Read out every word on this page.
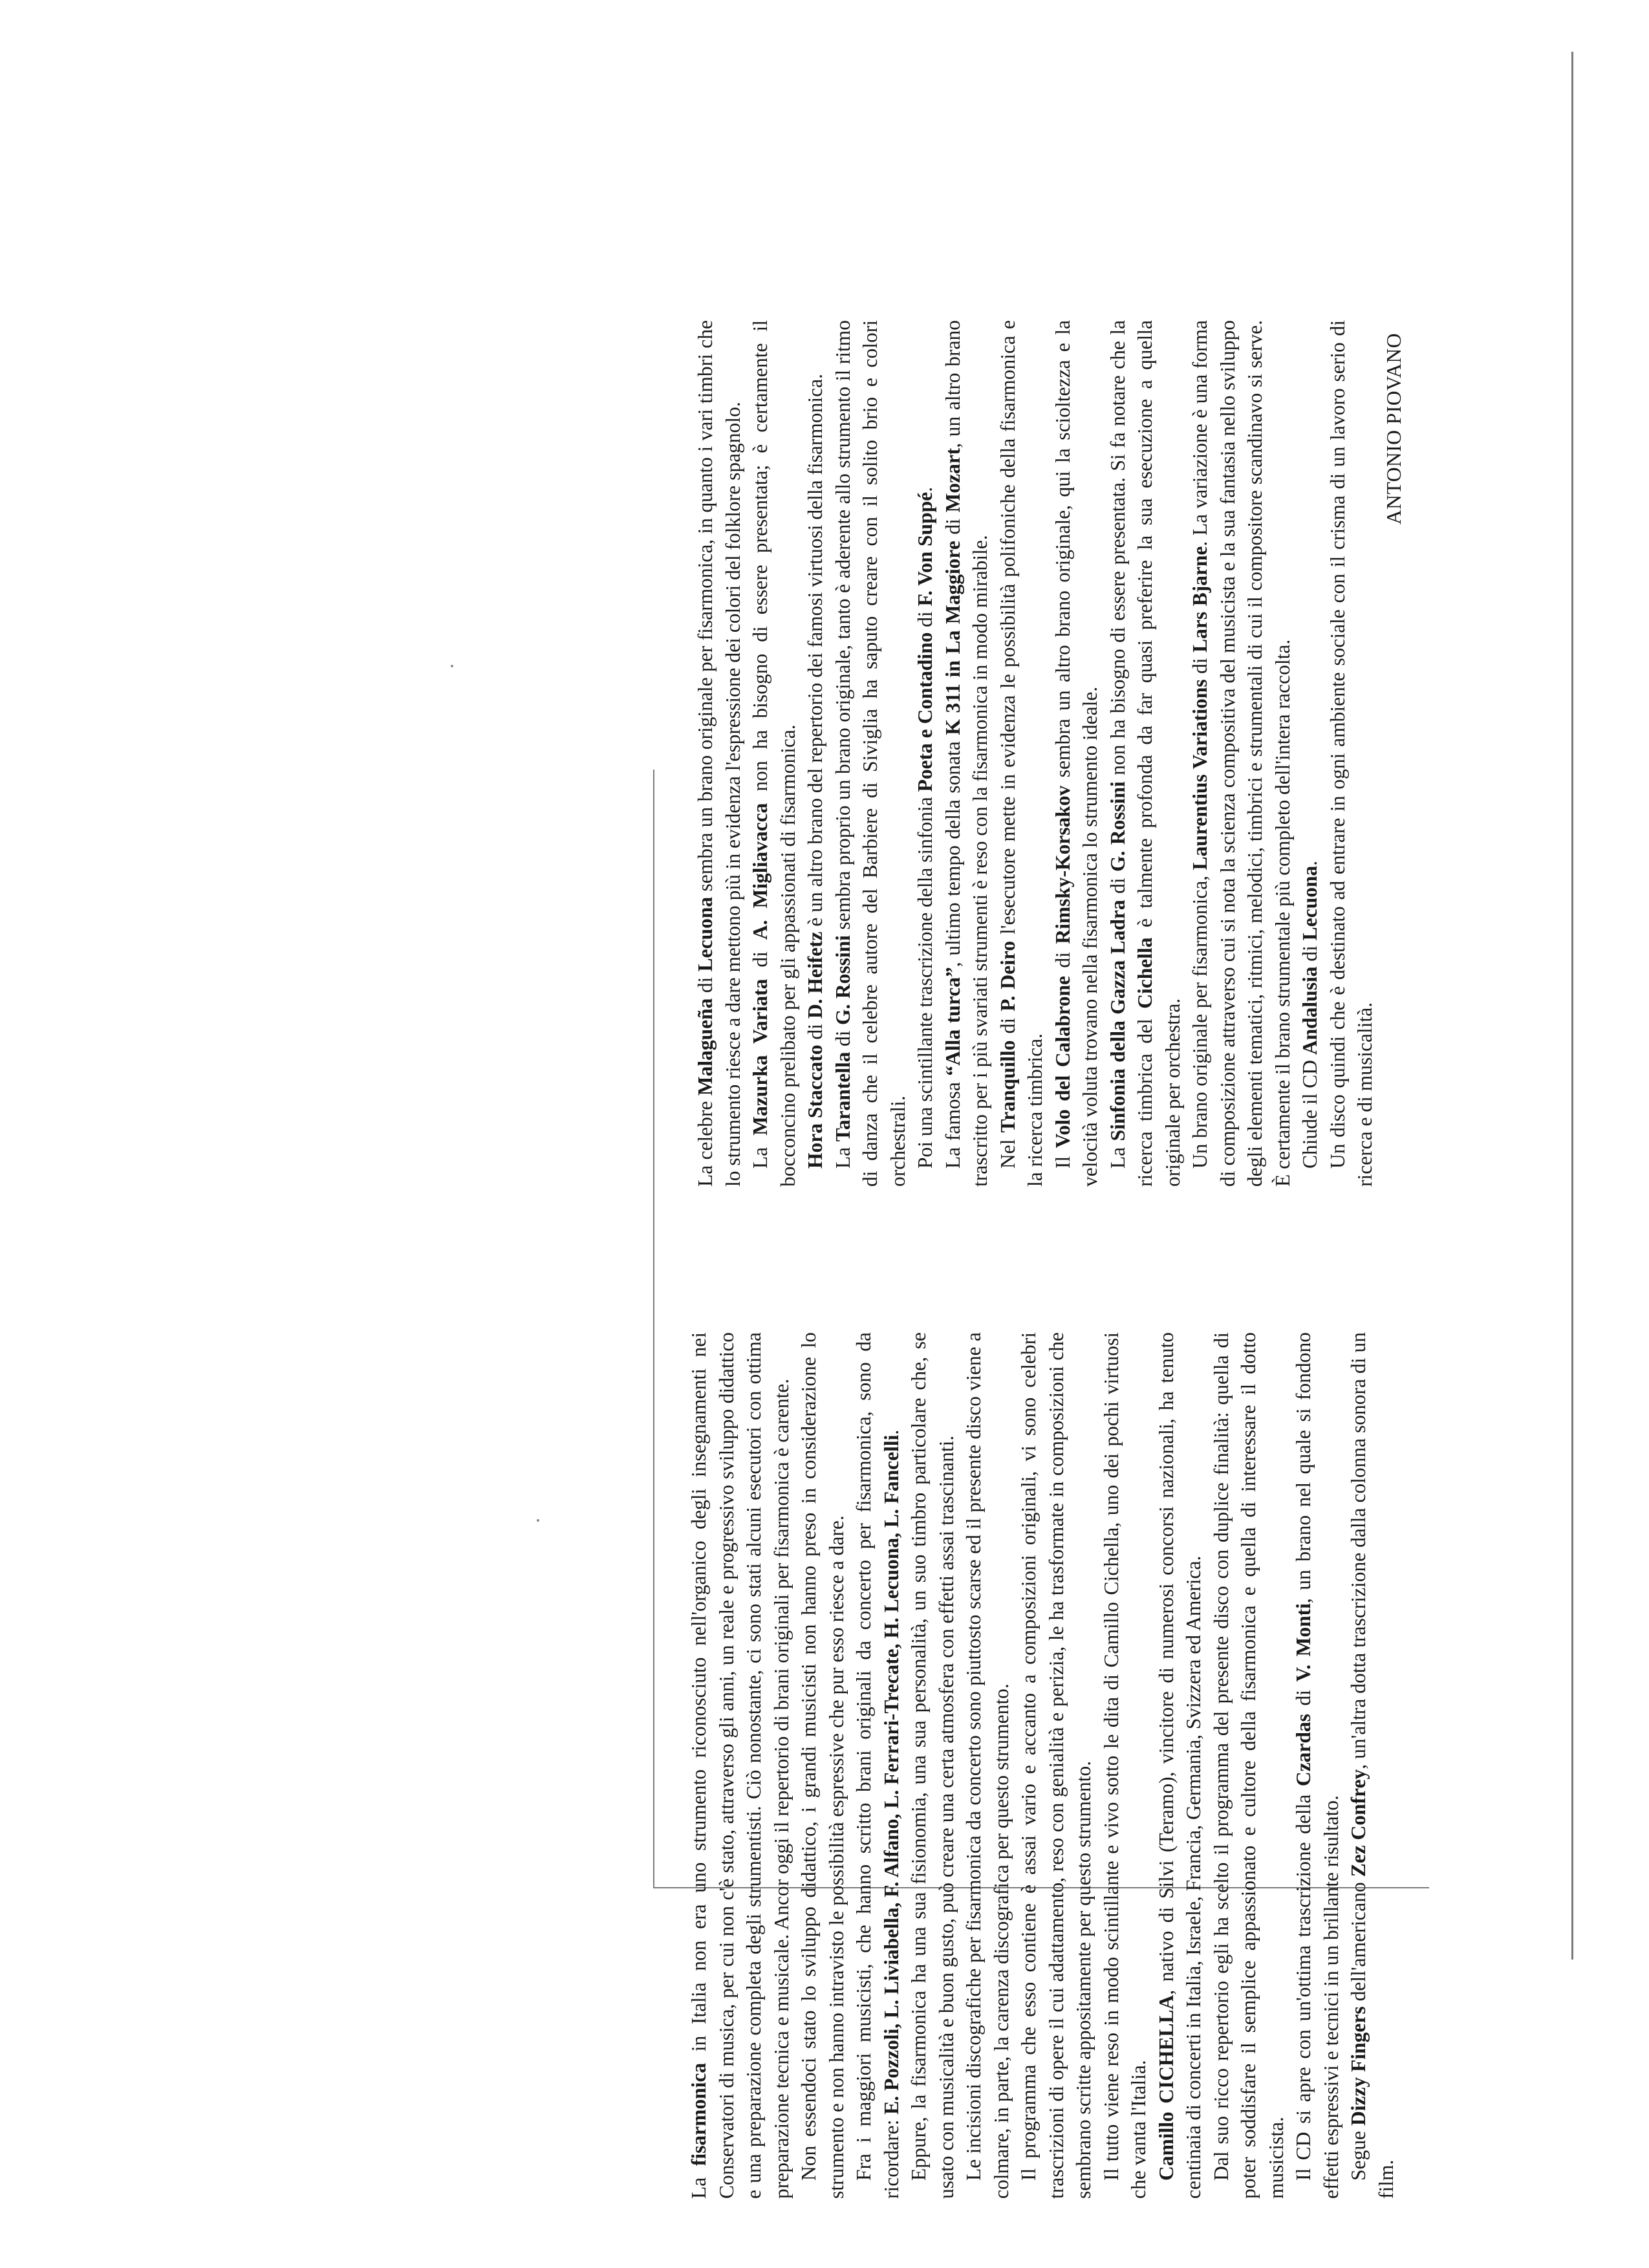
La fisarmonica in Italia non era uno strumento riconosciuto nell'organico degli insegnamenti nei Conservatori di musica, per cui non c'è stato, attraverso gli anni, un reale e progressivo sviluppo didattico e una preparazione completa degli strumentisti. Ciò nonostante, ci sono stati alcuni esecutori con ottima preparazione tecnica e musicale. Ancor oggi il repertorio di brani originali per fisarmonica è carente. Non essendoci stato lo sviluppo didattico, i grandi musicisti non hanno preso in considerazione lo strumento e non hanno intravisto le possibilità espressive che pur esso riesce a dare. Fra i maggiori musicisti, che hanno scritto brani originali da concerto per fisarmonica, sono da ricordare: E. Pozzoli, L. Liviabella, F. Alfano, L. Ferrari-Trecate, H. Lecuona, L. Fancelli. Eppure, la fisarmonica ha una sua fisionomia, una sua personalità, un suo timbro particolare che, se usato con musicalità e buon gusto, può creare una certa atmosfera con effetti assai trascinanti. Le incisioni discografiche per fisarmonica da concerto sono piuttosto scarse ed il presente disco viene a colmare, in parte, la carenza discografica per questo strumento. Il programma che esso contiene è assai vario e accanto a composizioni originali, vi sono celebri trascrizioni di opere il cui adattamento, reso con genialità e perizia, le ha trasformate in composizioni che sembrano scritte appositamente per questo strumento. Il tutto viene reso in modo scintillante e vivo sotto le dita di Camillo Cichella, uno dei pochi virtuosi che vanta l'Italia. Camillo CICHELLA, nativo di Silvi (Teramo), vincitore di numerosi concorsi nazionali, ha tenuto centinaia di concerti in Italia, Israele, Francia, Germania, Svizzera ed America. Dal suo ricco repertorio egli ha scelto il programma del presente disco con duplice finalità: quella di poter soddisfare il semplice appassionato e cultore della fisarmonica e quella di interessare il dotto musicista. Il CD si apre con un'ottima trascrizione della Czardas di V. Monti, un brano nel quale si fondono effetti espressivi e tecnici in un brillante risultato. Segue Dizzy Fingers dell'americano Zez Confrey, un'altra dotta trascrizione dalla colonna sonora di un film.

La celebre Malagueña di Lecuona sembra un brano originale per fisarmonica, in quanto i vari timbri che lo strumento riesce a dare mettono più in evidenza l'espressione dei colori del folklore spagnolo. La Mazurka Variata di A. Migliavacca non ha bisogno di essere presentata; è certamente il bocconcino prelibato per gli appassionati di fisarmonica. Hora Staccato di D. Heifetz è un altro brano del repertorio dei famosi virtuosi della fisarmonica.

La Tarantella di G. Rossini sembra proprio un brano originale, tanto è aderente allo strumento il ritmo di danza che il celebre autore del Barbiere di Siviglia ha saputo creare con il solito brio e colori orchestrali. Poi una scintillante trascrizione della sinfonia Poeta e Contadino di F. Von Suppé.

La famosa “Alla turca”, ultimo tempo della sonata K 311 in La Maggiore di Mozart, un altro brano trascritto per i più svariati strumenti è reso con la fisarmonica in modo mirabile. Nel Tranquillo di P. Deiro l'esecutore mette in evidenza le possibilità polifoniche della fisarmonica e la ricerca timbrica. Il Volo del Calabrone di Rimsky-Korsakov sembra un altro brano originale, qui la scioltezza e la velocità voluta trovano nella fisarmonica lo strumento ideale. La Sinfonia della Gazza Ladra di G. Rossini non ha bisogno di essere presentata. Si fa notare che la ricerca timbrica del Cichella è talmente profonda da far quasi preferire la sua esecuzione a quella originale per orchestra. Un brano originale per fisarmonica, Laurentius Variations di Lars Bjarne. La variazione è una forma di composizione attraverso cui si nota la scienza compositiva del musicista e la sua fantasia nello sviluppo degli elementi tematici, ritmici, melodici, timbrici e strumentali di cui il compositore scandinavo si serve. È certamente il brano strumentale più completo dell'intera raccolta. Chiude il CD Andalusia di Lecuona. Un disco quindi che è destinato ad entrare in ogni ambiente sociale con il crisma di un lavoro serio di ricerca e di musicalità.

ANTONIO PIOVANO
